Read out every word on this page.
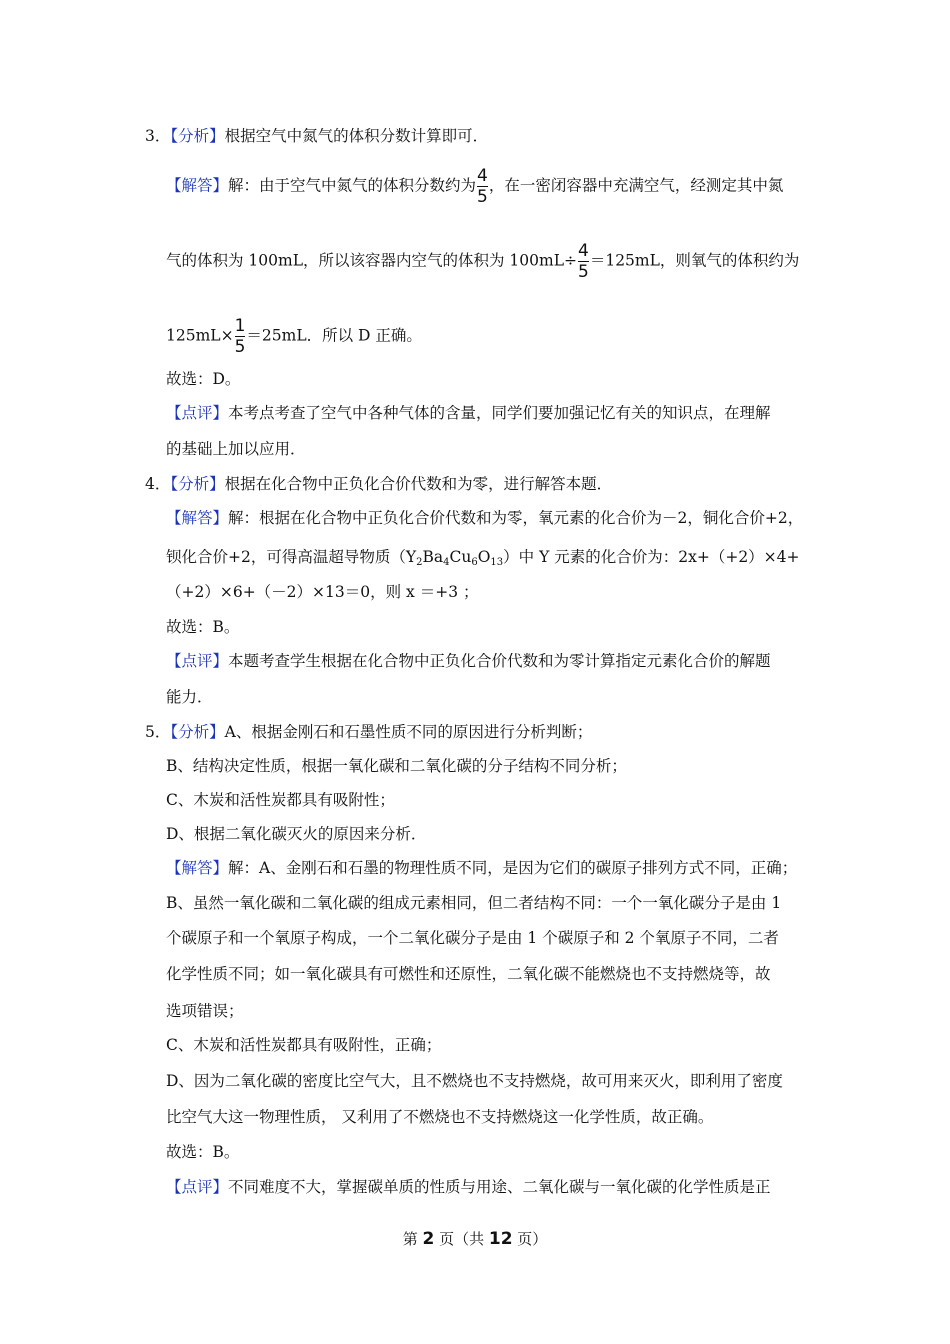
3．【分析】根据空气中氮气的体积分数计算即可．
【解答】解：由于空气中氮气的体积分数约为 $\frac{4}{5}$ ，在一密闭容器中充满空气，经测定其中氮
气的体积为 100mL，所以该容器内空气的体积为 $100mL\div \frac{4}{5} =125mL$，则氧气的体积约为
$125mL\times \frac{1}{5} =25mL$．所以 D 正确。
故选：D。
【点评】本考点考查了空气中各种气体的含量，同学们要加强记忆有关的知识点，在理解
的基础上加以应用．
4．【分析】根据在化合物中正负化合价代数和为零，进行解答本题．
【解答】解：根据在化合物中正负化合价代数和为零，氧元素的化合价为－2，铜化合价+2，
钡化合价+2，可得高温超导物质$(Y_2Ba_4Cu_6O_{13})$中 Y 元素的化合价为：2x+（+2）×4+
（+2）×6+（－2）×13＝0，则 x ＝+3 ；
故选：B。
【点评】本题考查学生根据在化合物中正负化合价代数和为零计算指定元素化合价的解题
能力．
5．【分析】A、根据金刚石和石墨性质不同的原因进行分析判断；
B、结构决定性质，根据一氧化碳和二氧化碳的分子结构不同分析；
C、木炭和活性炭都具有吸附性；
D、根据二氧化碳灭火的原因来分析．
【解答】解：A、金刚石和石墨的物理性质不同，是因为它们的碳原子排列方式不同，正确；
B、虽然一氧化碳和二氧化碳的组成元素相同，但二者结构不同：一个一氧化碳分子是由 1
个碳原子和一个氧原子构成，一个二氧化碳分子是由 1 个碳原子和 2 个氧原子不同，二者
化学性质不同；如一氧化碳具有可燃性和还原性，二氧化碳不能燃烧也不支持燃烧等，故
选项错误；
C、木炭和活性炭都具有吸附性，正确；
D、因为二氧化碳的密度比空气大，且不燃烧也不支持燃烧，故可用来灭火，即利用了密度
比空气大这一物理性质， 又利用了不燃烧也不支持燃烧这一化学性质，故正确。
故选：B。
【点评】不同难度不大，掌握碳单质的性质与用途、二氧化碳与一氧化碳的化学性质是正
第 2 页（共 12 页）
